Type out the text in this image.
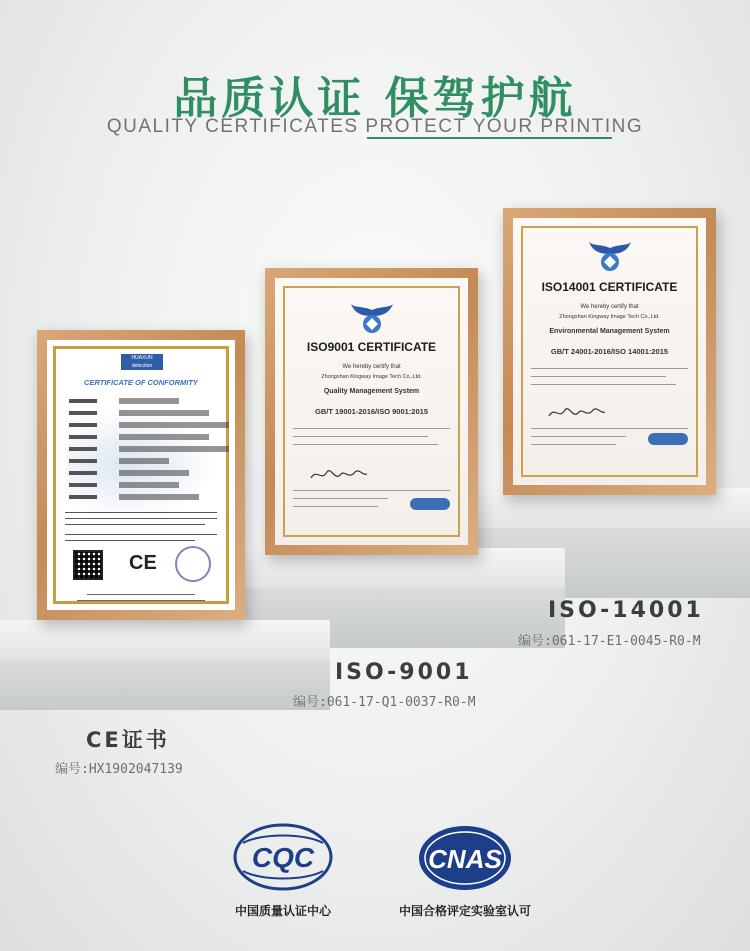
品质认证 保驾护航
QUALITY CERTIFICATES PROTECT YOUR PRINTING
ISO14001 CERTIFICATE
We hereby certify that
Zhongshan Kingway Image Tech Co.,Ltd.
Environmental Management System
GB/T 24001-2016/ISO 14001:2015
ISO9001 CERTIFICATE
We hereby certify that
Zhongshan Kingway Image Tech Co.,Ltd.
Quality Management System
GB/T 19001-2016/ISO 9001:2015
HUAXUN detection
CERTIFICATE OF CONFORMITY
CE
ISO-14001
编号:061-17-E1-0045-R0-M
ISO-9001
编号:061-17-Q1-0037-R0-M
CE证书
编号:HX1902047139
CQC
中国质量认证中心
CNAS
中国合格评定实验室认可
